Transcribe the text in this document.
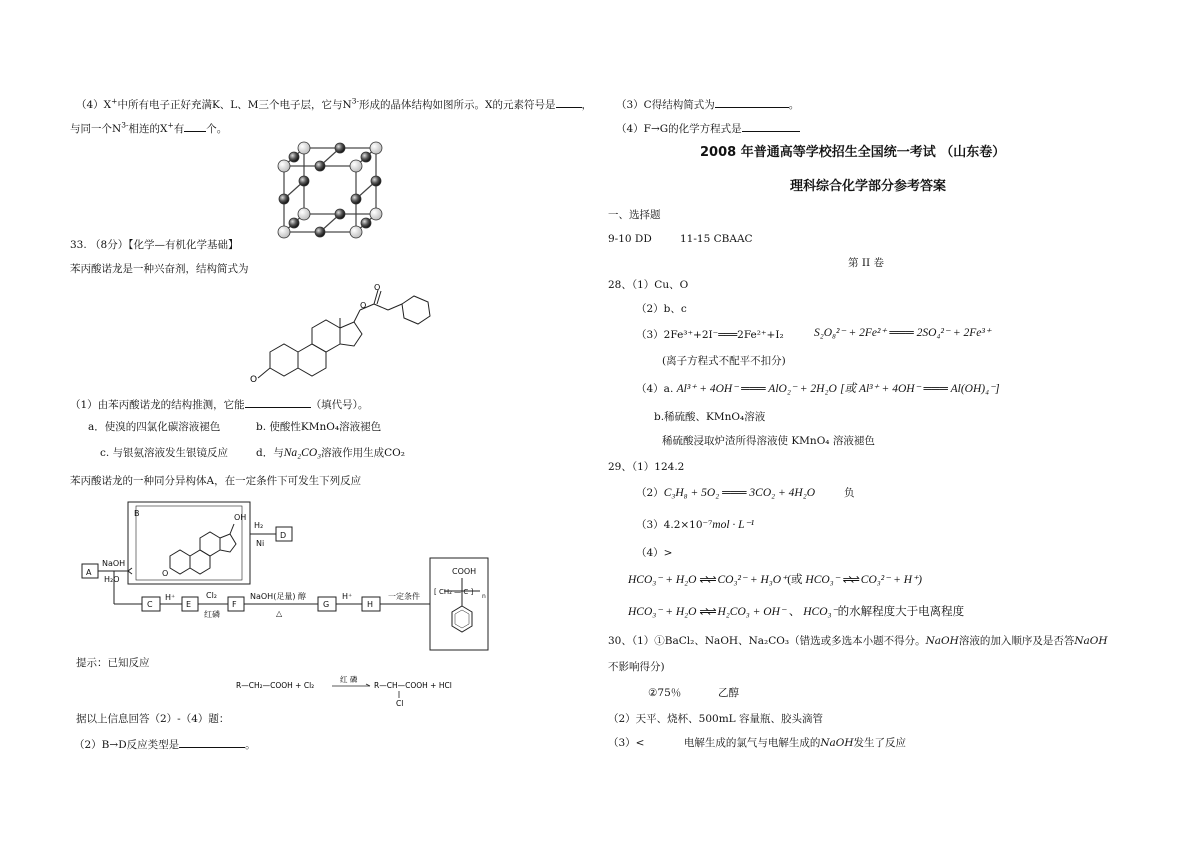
（4）X+中所有电子正好充满K、L、M三个电子层，它与$N^{3-}$形成的晶体结构如图所示。X的元素符号是 ，
与同一个$N^{3-}$相连的X+有 个。
33. （8分）【化学—有机化学基础】
苯丙酸诺龙是一种兴奋剂，结构简式为
O
O
O
（1）由苯丙酸诺龙的结构推测，它能	（填代号）。
a．使溴的四氯化碳溶液褪色	b. 使酸性KMnO₄溶液褪色
c. 与银氨溶液发生银镜反应	d．与Na₂CO₃溶液作用生成CO₂
苯丙酸诺龙的一种同分异构体A，在一定条件下可发生下列反应
B
A
NaOH
H₂O
C
H⁺
E
Cl₂
红磷
F
NaOH(足量) 醇
△
G
H⁺
H
一定条件
D
H₂
Ni
OH
O	COOH
[ CH₂ — C ]
n
提示：已知反应
R—CH₂—COOH + Cl₂
红 磷
R—CH—COOH + HCl
Cl
据以上信息回答（2）-（4）题：
（2）B→D反应类型是	。
（3）C得结构简式为	。
（4）F→G的化学方程式是
2008 年普通高等学校招生全国统一考试 （山东卷）
理科综合化学部分参考答案
一、选择题
9-10 DD	11-15 CBAAC
第 II 卷
28、（1）Cu、O
（2）b、c
（3）2Fe³⁺+2I⁻═══2Fe²⁺+I₂	S₂O₈²⁻ + 2Fe²⁺ ═══ 2SO₄²⁻ + 2Fe³⁺
(离子方程式不配平不扣分)
（4）a. Al³⁺ + 4OH⁻ ═══ AlO₂⁻ + 2H₂O [或 Al³⁺ + 4OH⁻ ═══ Al(OH)₄⁻]
b.稀硫酸、KMnO₄溶液
稀硫酸浸取炉渣所得溶液使 KMnO₄ 溶液褪色
29、（1）124.2
（2）C₃H₈ + 5O₂ ═══ 3CO₂ + 4H₂O	负
（3）4.2×10⁻⁷mol · L⁻¹
（4）>
HCO₃⁻ + H₂O ⇌⇌ CO₃²⁻ + H₃O⁺(或 HCO₃⁻ ⇌⇌ CO₃²⁻ + H⁺)
HCO₃⁻ + H₂O ⇌⇌ H₂CO₃ + OH⁻ 、 HCO₃⁻的水解程度大于电离程度
30、（1）①BaCl₂、NaOH、Na₂CO₃（错选或多选本小题不得分。NaOH溶液的加入顺序及是否答NaOH
不影响得分)
②75％	乙醇
（2）天平、烧杯、500mL 容量瓶、胶头滴管
（3）<	电解生成的氯气与电解生成的NaOH发生了反应
